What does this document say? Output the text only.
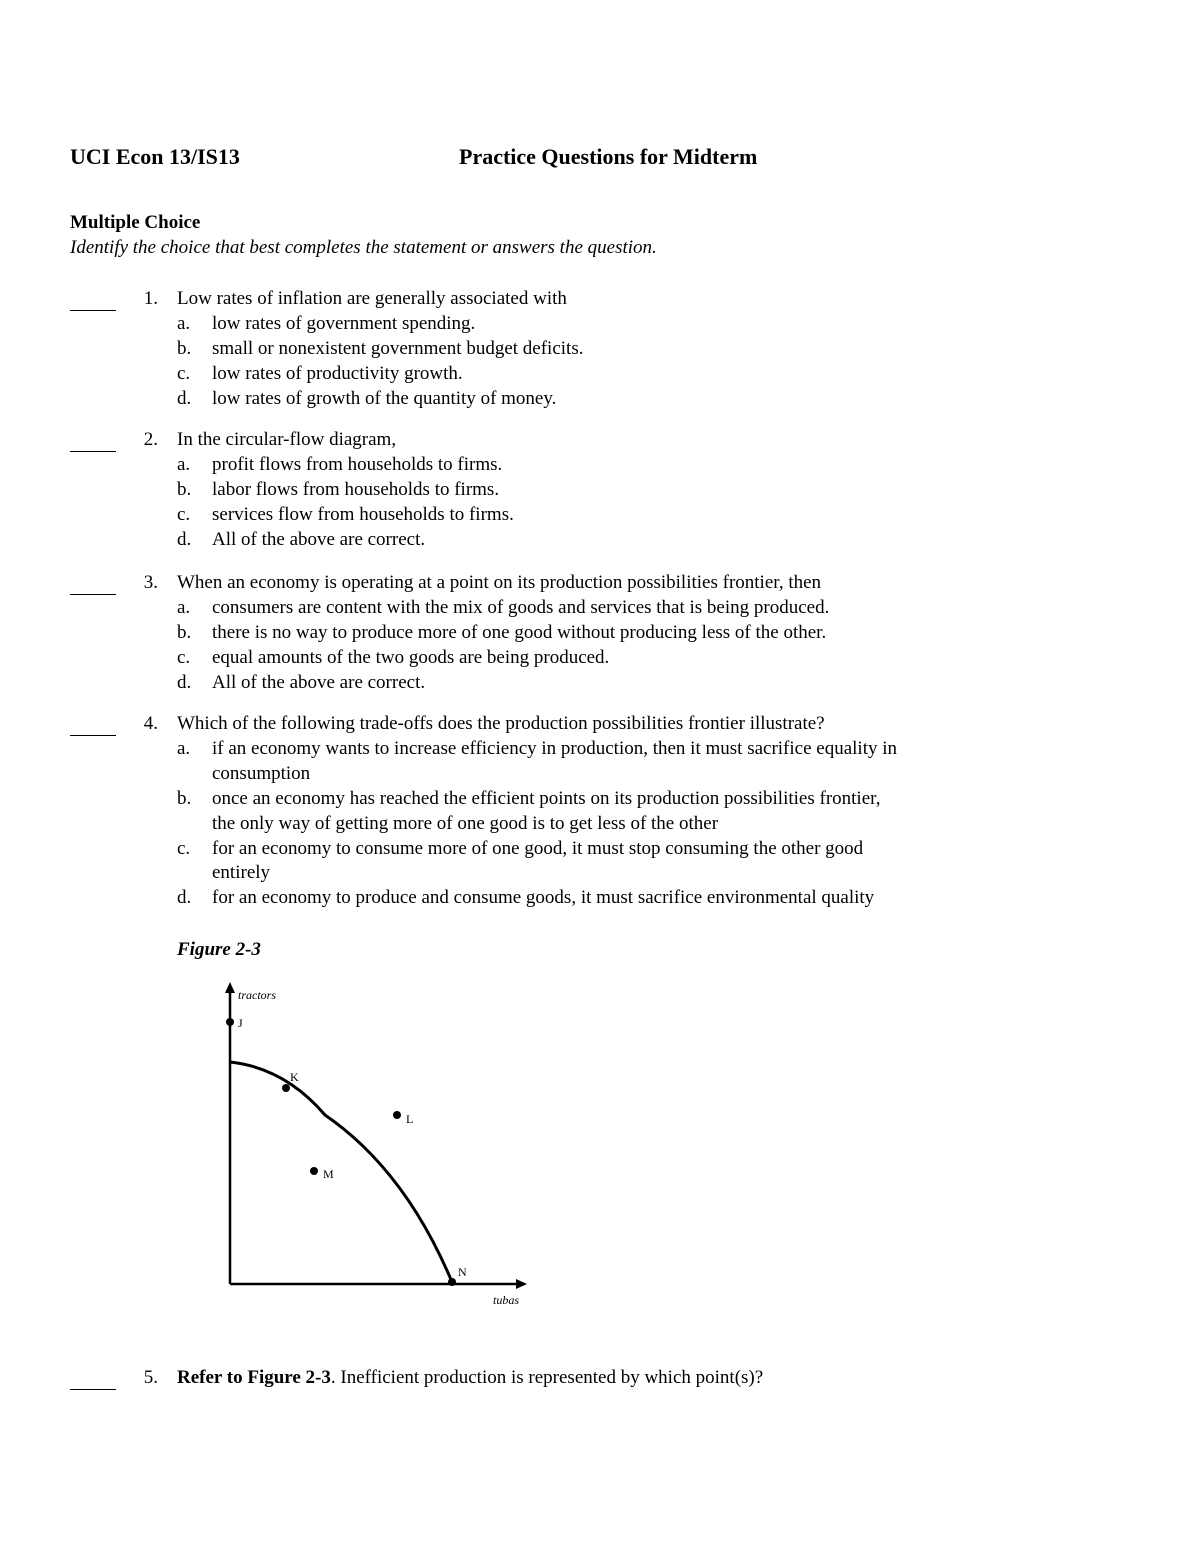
UCI Econ 13/IS13	Practice Questions for Midterm
Multiple Choice
Identify the choice that best completes the statement or answers the question.
1. Low rates of inflation are generally associated with
a. low rates of government spending.
b. small or nonexistent government budget deficits.
c. low rates of productivity growth.
d. low rates of growth of the quantity of money.
2. In the circular-flow diagram,
a. profit flows from households to firms.
b. labor flows from households to firms.
c. services flow from households to firms.
d. All of the above are correct.
3. When an economy is operating at a point on its production possibilities frontier, then
a. consumers are content with the mix of goods and services that is being produced.
b. there is no way to produce more of one good without producing less of the other.
c. equal amounts of the two goods are being produced.
d. All of the above are correct.
4. Which of the following trade-offs does the production possibilities frontier illustrate?
a. if an economy wants to increase efficiency in production, then it must sacrifice equality in
consumption
b. once an economy has reached the efficient points on its production possibilities frontier,
the only way of getting more of one good is to get less of the other
c. for an economy to consume more of one good, it must stop consuming the other good
entirely
d. for an economy to produce and consume goods, it must sacrifice environmental quality
Figure 2-3
tractors
tubas
J
K
L
M
N
5. Refer to Figure 2-3. Inefficient production is represented by which point(s)?
